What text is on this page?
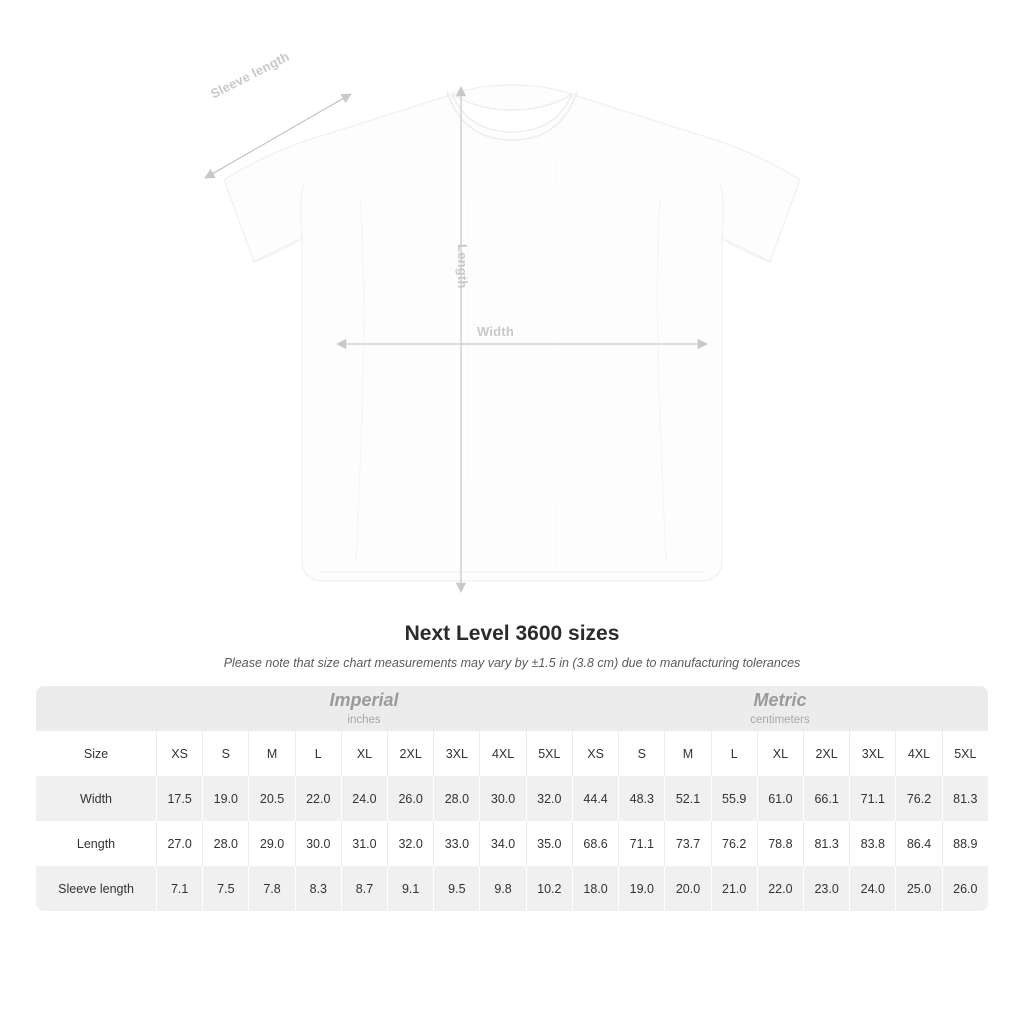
Width
Length
Sleeve length
Next Level 3600 sizes

Please note that size chart measurements may vary by ±1.5 in (3.8 cm) due to manufacturing tolerances

Imperial
inches

Metric
centimeters

Size	XS	S	M	L	XL	2XL	3XL	4XL	5XL	XS	S	M	L	XL	2XL	3XL	4XL	5XL
Width	17.5	19.0	20.5	22.0	24.0	26.0	28.0	30.0	32.0	44.4	48.3	52.1	55.9	61.0	66.1	71.1	76.2	81.3
Length	27.0	28.0	29.0	30.0	31.0	32.0	33.0	34.0	35.0	68.6	71.1	73.7	76.2	78.8	81.3	83.8	86.4	88.9
Sleeve length	7.1	7.5	7.8	8.3	8.7	9.1	9.5	9.8	10.2	18.0	19.0	20.0	21.0	22.0	23.0	24.0	25.0	26.0
